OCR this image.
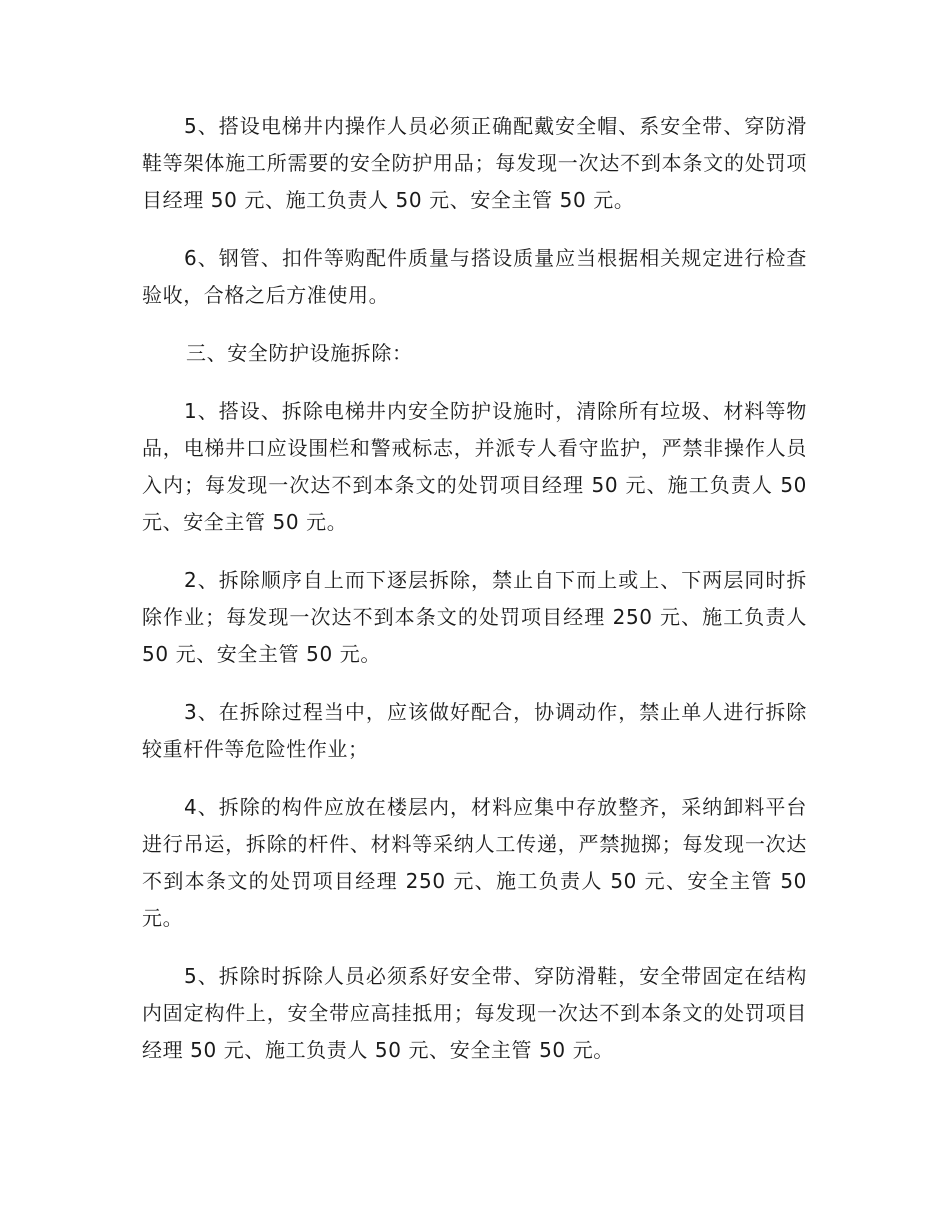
5、搭设电梯井内操作人员必须正确配戴安全帽、系安全带、穿防滑鞋等架体施工所需要的安全防护用品；每发现一次达不到本条文的处罚项目经理 50 元、施工负责人 50 元、安全主管 50 元。

6、钢管、扣件等购配件质量与搭设质量应当根据相关规定进行检查验收，合格之后方准使用。

三、安全防护设施拆除：

1、搭设、拆除电梯井内安全防护设施时，清除所有垃圾、材料等物品，电梯井口应设围栏和警戒标志，并派专人看守监护，严禁非操作人员入内；每发现一次达不到本条文的处罚项目经理 50 元、施工负责人 50 元、安全主管 50 元。

2、拆除顺序自上而下逐层拆除，禁止自下而上或上、下两层同时拆除作业；每发现一次达不到本条文的处罚项目经理 250 元、施工负责人 50 元、安全主管 50 元。

3、在拆除过程当中，应该做好配合，协调动作，禁止单人进行拆除较重杆件等危险性作业；

4、拆除的构件应放在楼层内，材料应集中存放整齐，采纳卸料平台进行吊运，拆除的杆件、材料等采纳人工传递，严禁抛掷；每发现一次达不到本条文的处罚项目经理 250 元、施工负责人 50 元、安全主管 50 元。

5、拆除时拆除人员必须系好安全带、穿防滑鞋，安全带固定在结构内固定构件上，安全带应高挂抵用；每发现一次达不到本条文的处罚项目经理 50 元、施工负责人 50 元、安全主管 50 元。
